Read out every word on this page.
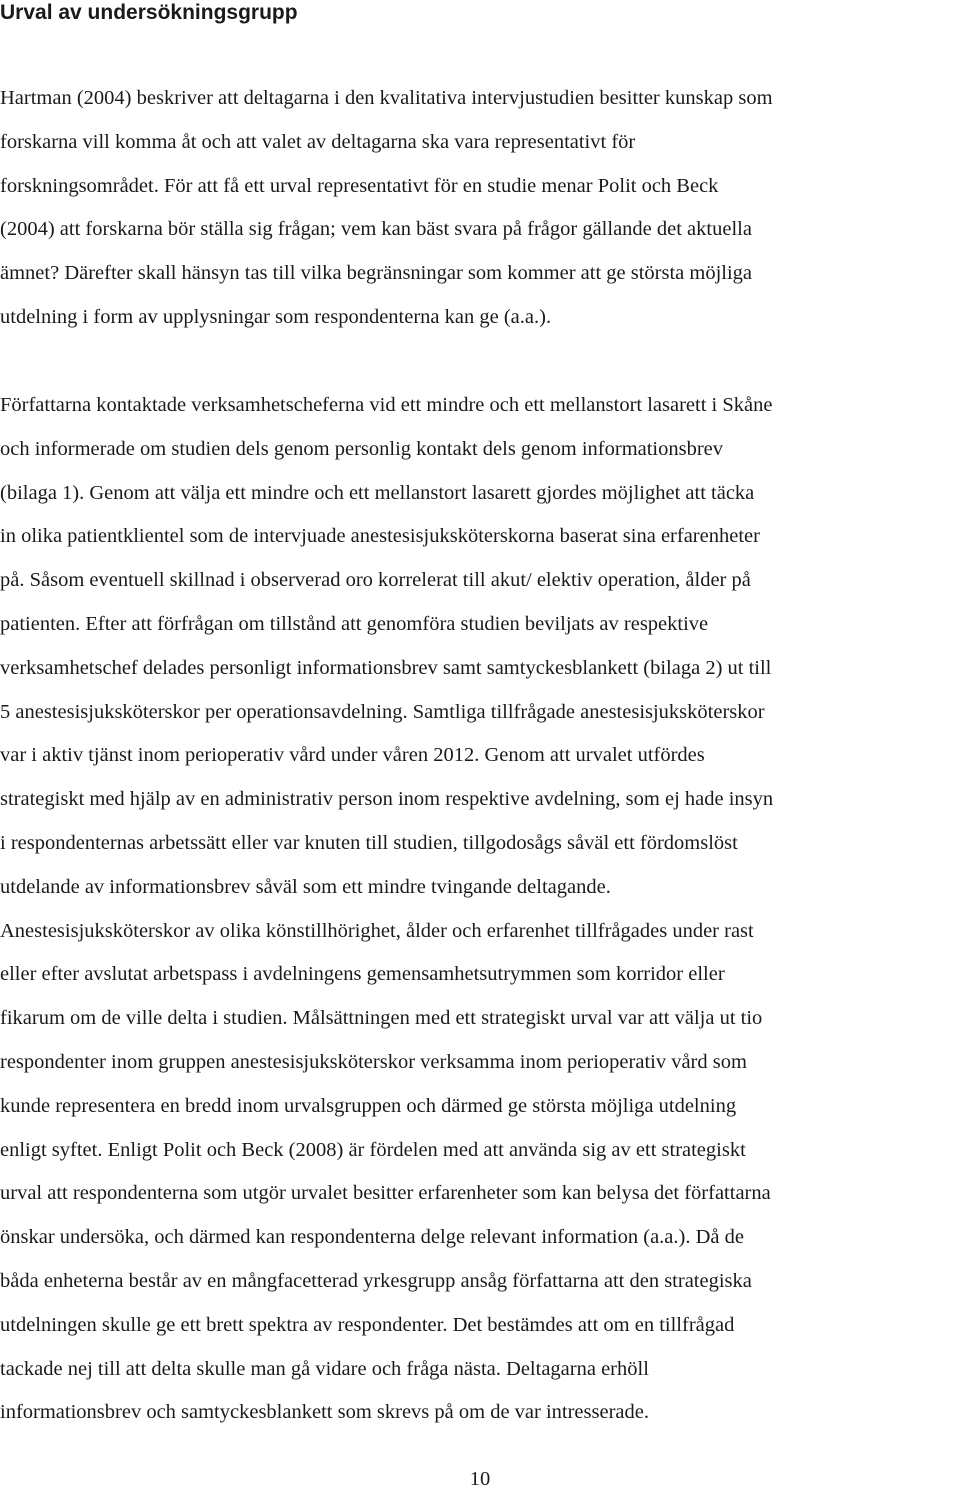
Urval av undersökningsgrupp

Hartman (2004) beskriver att deltagarna i den kvalitativa intervjustudien besitter kunskap som
forskarna vill komma åt och att valet av deltagarna ska vara representativt för
forskningsområdet. För att få ett urval representativt för en studie menar Polit och Beck
(2004) att forskarna bör ställa sig frågan; vem kan bäst svara på frågor gällande det aktuella
ämnet? Därefter skall hänsyn tas till vilka begränsningar som kommer att ge största möjliga
utdelning i form av upplysningar som respondenterna kan ge (a.a.).

Författarna kontaktade verksamhetscheferna vid ett mindre och ett mellanstort lasarett i Skåne
och informerade om studien dels genom personlig kontakt dels genom informationsbrev
(bilaga 1). Genom att välja ett mindre och ett mellanstort lasarett gjordes möjlighet att täcka
in olika patientklientel som de intervjuade anestesisjuksköterskorna baserat sina erfarenheter
på. Såsom eventuell skillnad i observerad oro korrelerat till akut/ elektiv operation, ålder på
patienten. Efter att förfrågan om tillstånd att genomföra studien beviljats av respektive
verksamhetschef delades personligt informationsbrev samt samtyckesblankett (bilaga 2) ut till
5 anestesisjuksköterskor per operationsavdelning. Samtliga tillfrågade anestesisjuksköterskor
var i aktiv tjänst inom perioperativ vård under våren 2012. Genom att urvalet utfördes
strategiskt med hjälp av en administrativ person inom respektive avdelning, som ej hade insyn
i respondenternas arbetssätt eller var knuten till studien, tillgodosågs såväl ett fördomslöst
utdelande av informationsbrev såväl som ett mindre tvingande deltagande.
Anestesisjuksköterskor av olika könstillhörighet, ålder och erfarenhet tillfrågades under rast
eller efter avslutat arbetspass i avdelningens gemensamhetsutrymmen som korridor eller
fikarum om de ville delta i studien. Målsättningen med ett strategiskt urval var att välja ut tio
respondenter inom gruppen anestesisjuksköterskor verksamma inom perioperativ vård som
kunde representera en bredd inom urvalsgruppen och därmed ge största möjliga utdelning
enligt syftet. Enligt Polit och Beck (2008) är fördelen med att använda sig av ett strategiskt
urval att respondenterna som utgör urvalet besitter erfarenheter som kan belysa det författarna
önskar undersöka, och därmed kan respondenterna delge relevant information (a.a.). Då de
båda enheterna består av en mångfacetterad yrkesgrupp ansåg författarna att den strategiska
utdelningen skulle ge ett brett spektra av respondenter. Det bestämdes att om en tillfrågad
tackade nej till att delta skulle man gå vidare och fråga nästa. Deltagarna erhöll
informationsbrev och samtyckesblankett som skrevs på om de var intresserade.

10
